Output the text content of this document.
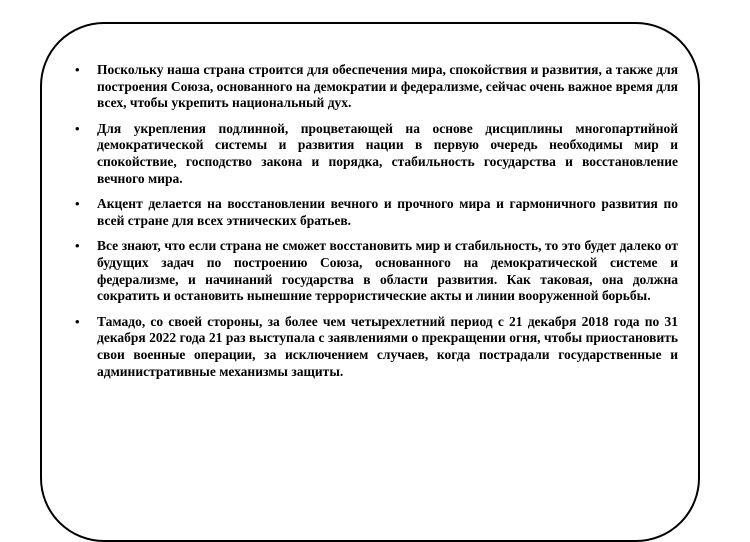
• Поскольку наша страна строится для обеспечения мира, спокойствия и развития, а также для построения Союза, основанного на демократии и федерализме, сейчас очень важное время для всех, чтобы укрепить национальный дух.
• Для укрепления подлинной, процветающей на основе дисциплины многопартийной демократической системы и развития нации в первую очередь необходимы мир и спокойствие, господство закона и порядка, стабильность государства и восстановление вечного мира.
• Акцент делается на восстановлении вечного и прочного мира и гармоничного развития по всей стране для всех этнических братьев.
• Все знают, что если страна не сможет восстановить мир и стабильность, то это будет далеко от будущих задач по построению Союза, основанного на демократической системе и федерализме, и начинаний государства в области развития. Как таковая, она должна сократить и остановить нынешние террористические акты и линии вооруженной борьбы.
• Тамадо, со своей стороны, за более чем четырехлетний период с 21 декабря 2018 года по 31 декабря 2022 года 21 раз выступала с заявлениями о прекращении огня, чтобы приостановить свои военные операции, за исключением случаев, когда пострадали государственные и административные механизмы защиты.
